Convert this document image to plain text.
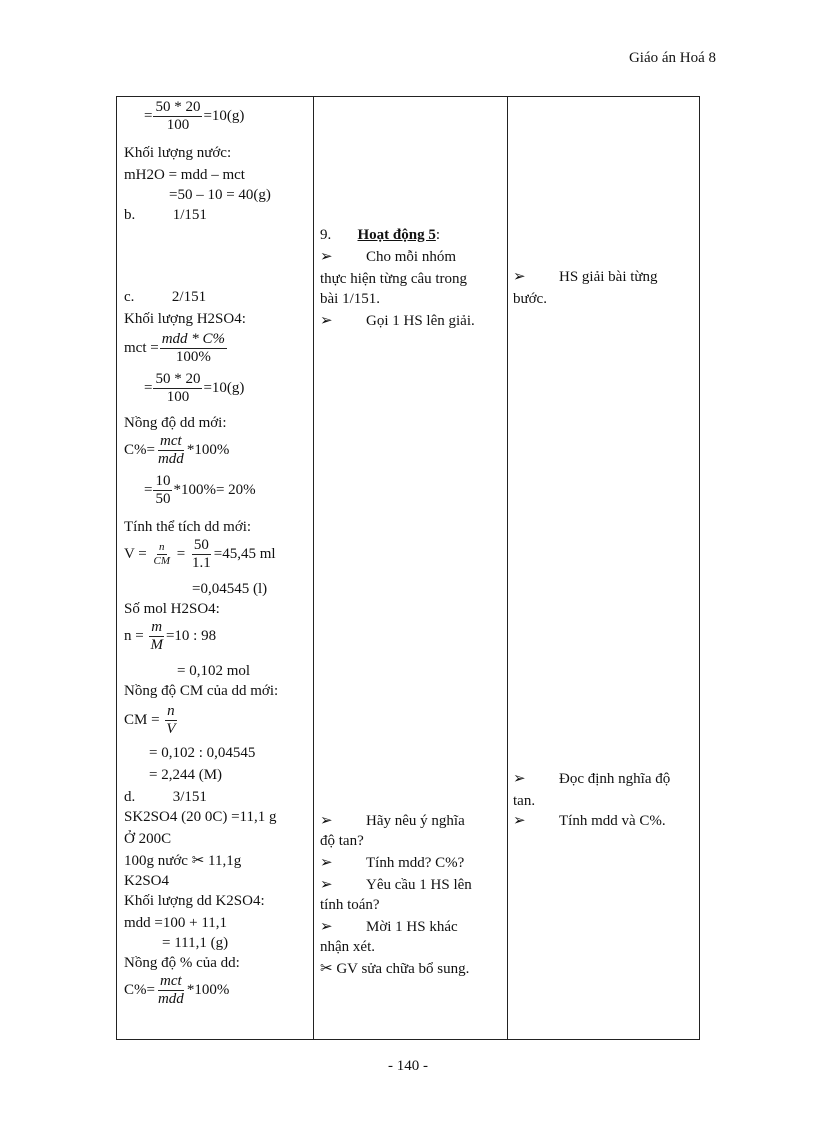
Giáo án Hoá 8
= $\frac{50 * 20}{100} =10(g)$
Khối lượng nước:
mH2O = mdd – mct
=50 – 10 = 40(g)
b.          1/151
c.          2/151
Khối lượng H2SO4:
mct = $\frac{\text{mdd * C\%}}{100\%}$
= $\frac{50 * 20}{100} =10(g)$
Nồng độ dd mới:
$C\%= \frac{\text{mct}}{\text{mdd}} *100\%$
= $\frac{10}{50} *100\%= 20\%$
Tính thể tích dd mới:
$V = \frac{n}{CM} = \frac{50}{1.1} =45,45$ ml
=0,04545 (l)
Số mol H2SO4:
$n = \frac{m}{M} =10$ : 98
= 0,102 mol
Nồng độ CM của dd mới:
CM = $\frac{n}{V}$
= 0,102 : 0,04545
= 2,244 (M)
d.          3/151
SK2SO4 (20 0C) =11,1 g
Ở 200C
100g nước ✂ 11,1g
K2SO4
Khối lượng dd K2SO4:
mdd =100 + 11,1
= 111,1 (g)
Nồng độ % của dd:
$C\%= \frac{\text{mct}}{\text{mdd}} *100\%$
9. Hoạt động 5:
➢ Cho mỗi nhóm
thực hiện từng câu trong
bài 1/151.
➢ Gọi 1 HS lên giải.
➢ Hãy nêu ý nghĩa
độ tan?
➢ Tính mdd? C%?
➢ Yêu cầu 1 HS lên
tính toán?
➢ Mời 1 HS khác
nhận xét.
✂ GV sửa chữa bổ sung.
➢ HS giải bài từng
bước.
➢ Đọc định nghĩa độ
tan.
➢ Tính mdd và C%.
- 140 -
